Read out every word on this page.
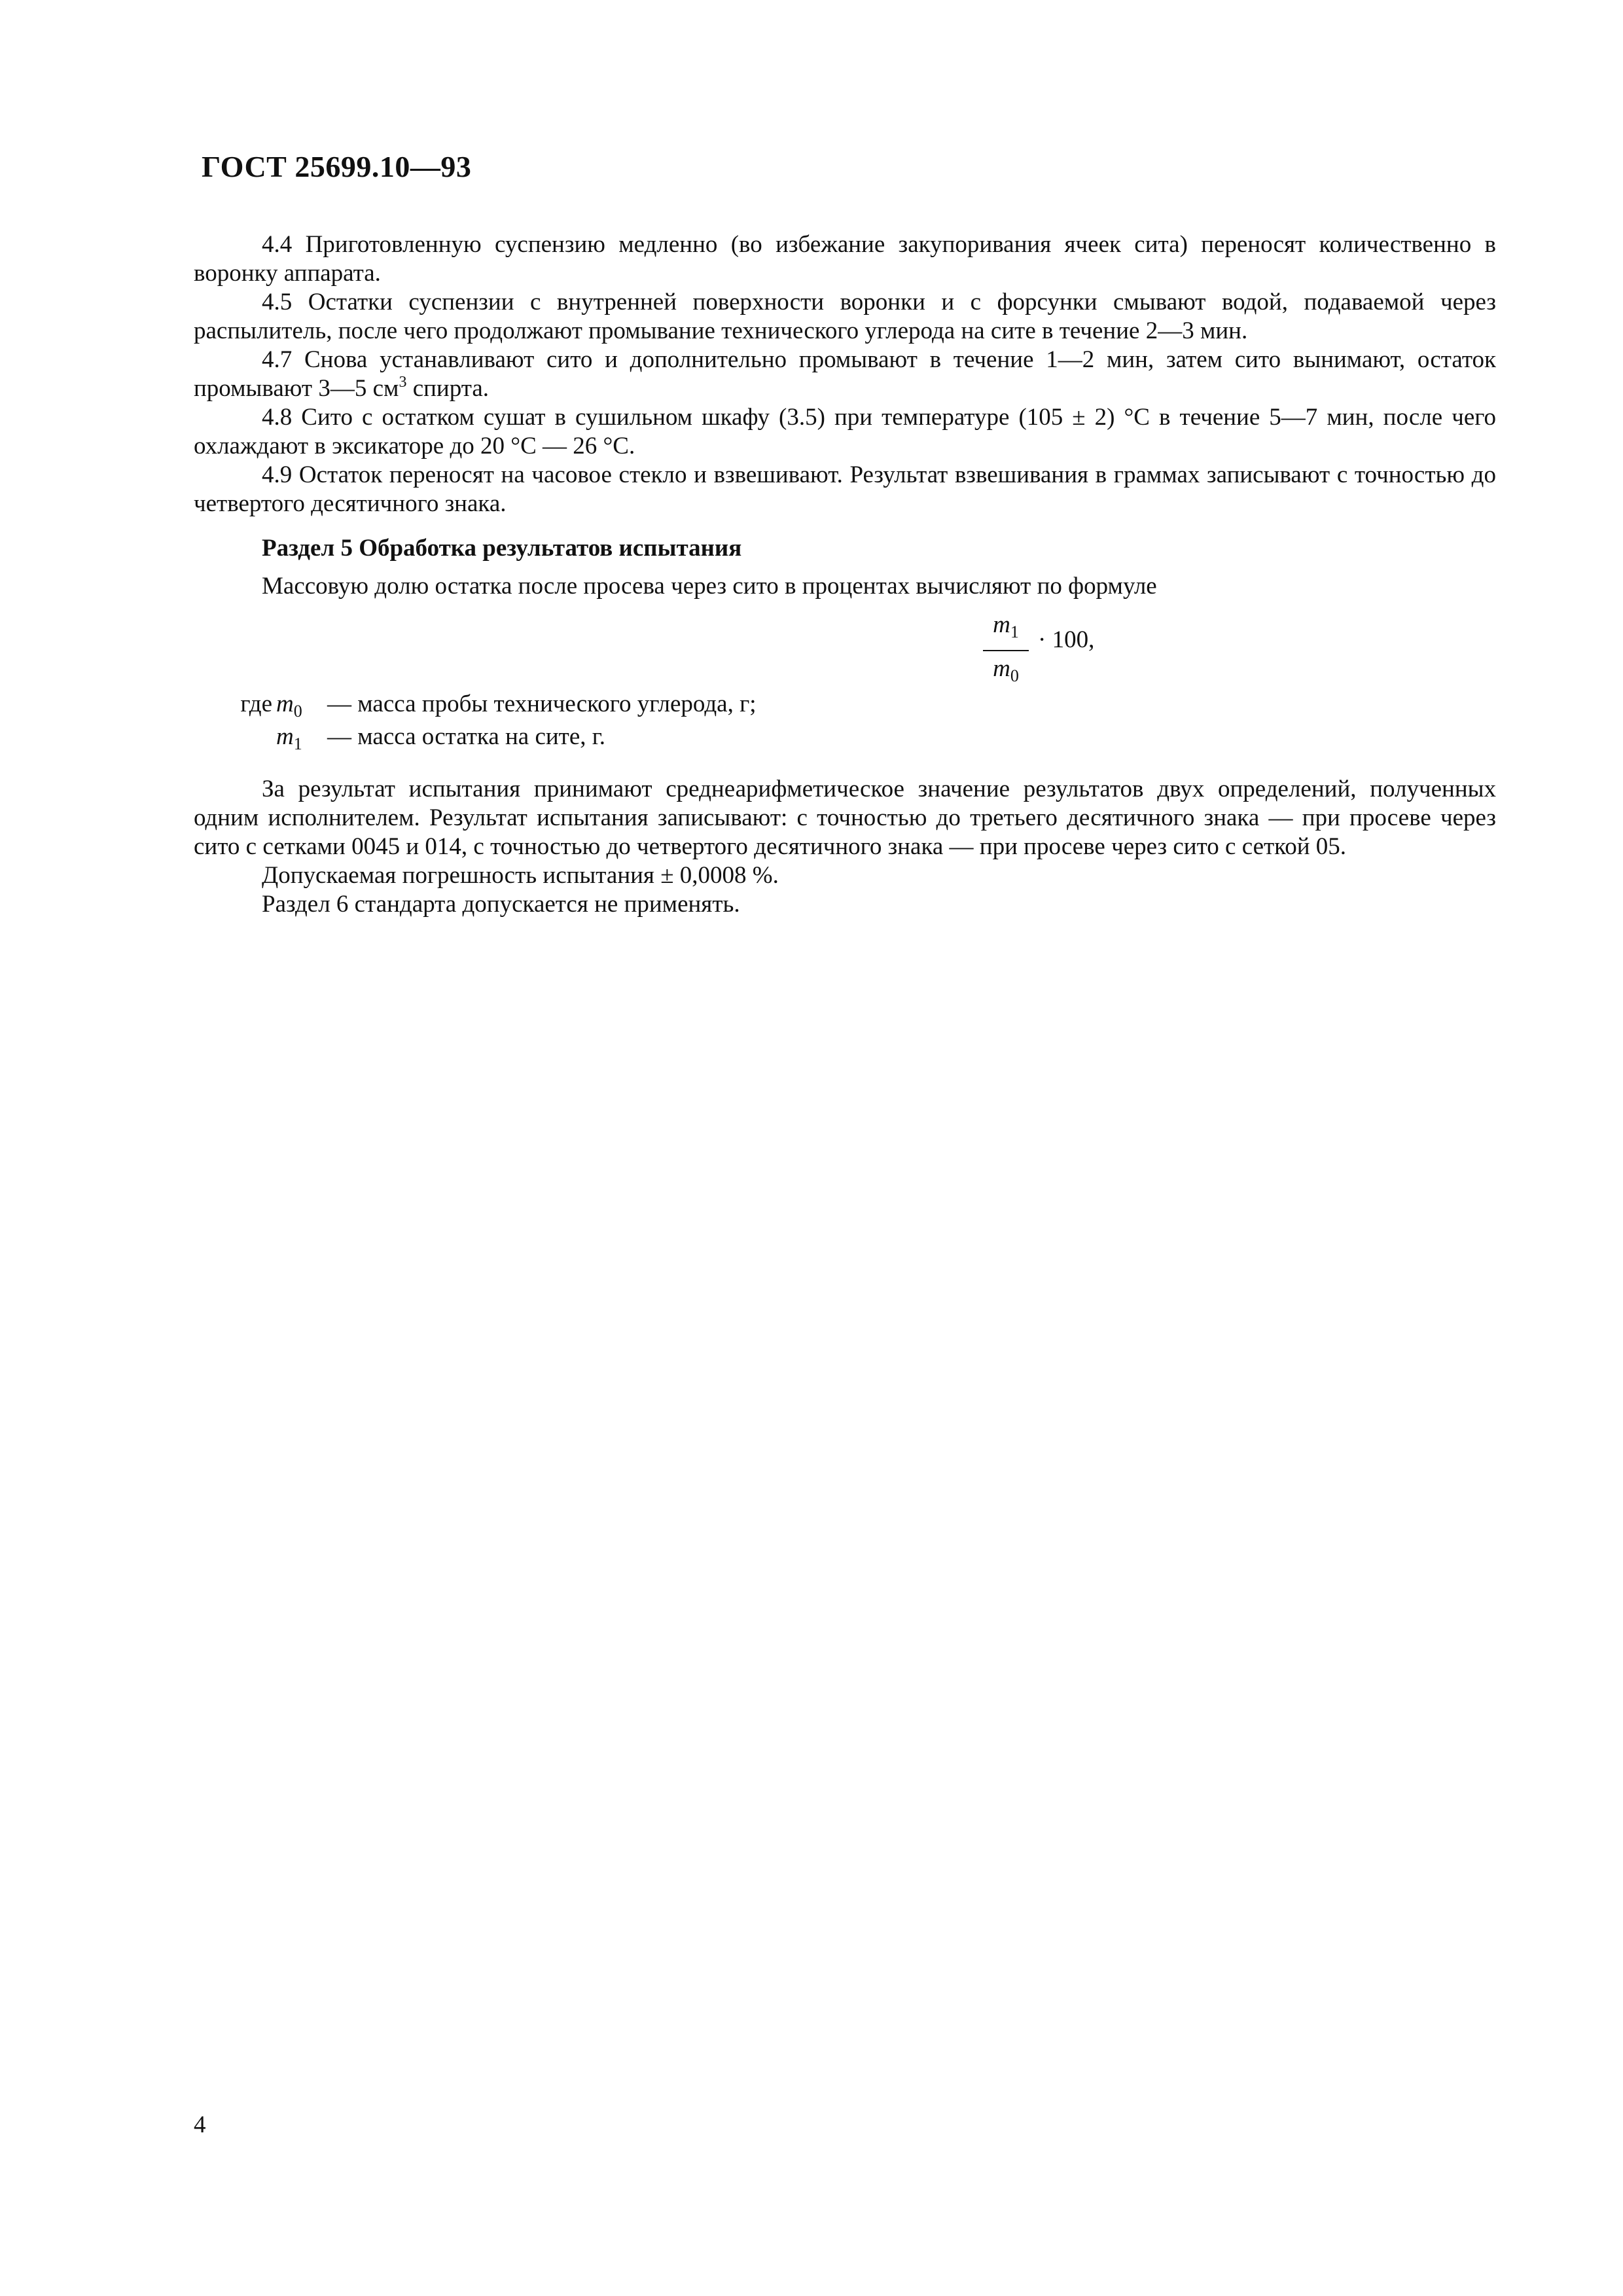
ГОСТ 25699.10—93

4.4 Приготовленную суспензию медленно (во избежание закупоривания ячеек сита) переносят количественно в воронку аппарата.

4.5 Остатки суспензии с внутренней поверхности воронки и с форсунки смывают водой, подаваемой через распылитель, после чего продолжают промывание технического углерода на сите в течение 2—3 мин.

4.7 Снова устанавливают сито и дополнительно промывают в течение 1—2 мин, затем сито вынимают, остаток промывают 3—5 $см^3$ спирта.

4.8 Сито с остатком сушат в сушильном шкафу (3.5) при температуре (105 ± 2) °С в течение 5—7 мин, после чего охлаждают в эксикаторе до 20 °С — 26 °С.

4.9 Остаток переносят на часовое стекло и взвешивают. Результат взвешивания в граммах записывают с точностью до четвертого десятичного знака.

Раздел 5 Обработка результатов испытания

Массовую долю остатка после просева через сито в процентах вычисляют по формуле

$m_1$
$m_0$
· 100,
где $m_0$	— масса пробы технического углерода, г;
$m_1$	— масса остатка на сите, г.

За результат испытания принимают среднеарифметическое значение результатов двух определений, полученных одним исполнителем. Результат испытания записывают: с точностью до третьего десятичного знака — при просеве через сито с сетками 0045 и 014, с точностью до четвертого десятичного знака — при просеве через сито с сеткой 05.

Допускаемая погрешность испытания ± 0,0008 %.

Раздел 6 стандарта допускается не применять.

4
